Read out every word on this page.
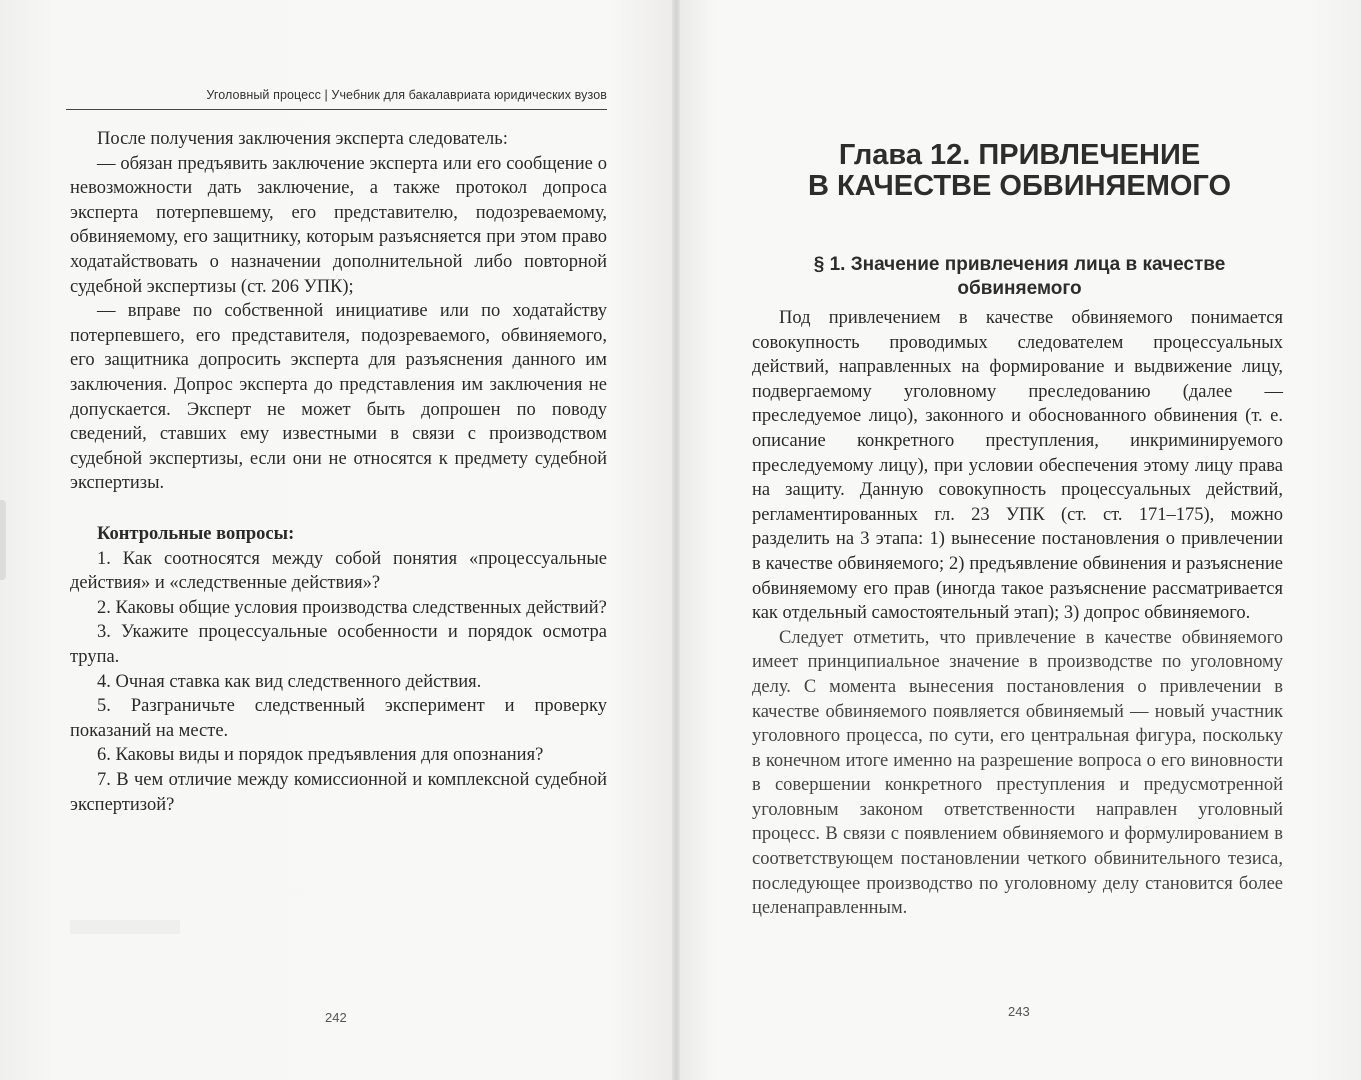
Уголовный процесс | Учебник для бакалавриата юридических вузов

После получения заключения эксперта следователь:

— обязан предъявить заключение эксперта или его сообщение о невозможности дать заключение, а также протокол допроса эксперта потерпевшему, его представителю, подозреваемому, обвиняемому, его защитнику, которым разъясняется при этом право ходатайствовать о назначении дополнительной либо повторной судебной экспертизы (ст. 206 УПК);

— вправе по собственной инициативе или по ходатайству потерпевшего, его представителя, подозреваемого, обвиняемого, его защитника допросить эксперта для разъяснения данного им заключения. Допрос эксперта до представления им заключения не допускается. Эксперт не может быть допрошен по поводу сведений, ставших ему известными в связи с производством судебной экспертизы, если они не относятся к предмету судебной экспертизы.

Контрольные вопросы:

1. Как соотносятся между собой понятия «процессуальные действия» и «следственные действия»?

2. Каковы общие условия производства следственных действий?

3. Укажите процессуальные особенности и порядок осмотра трупа.

4. Очная ставка как вид следственного действия.

5. Разграничьте следственный эксперимент и проверку показаний на месте.

6. Каковы виды и порядок предъявления для опознания?

7. В чем отличие между комиссионной и комплексной судебной экспертизой?

242
Глава 12. ПРИВЛЕЧЕНИЕ
В КАЧЕСТВЕ ОБВИНЯЕМОГО
§ 1. Значение привлечения лица в качестве обвиняемого

Под привлечением в качестве обвиняемого понимается совокупность проводимых следователем процессуальных действий, направленных на формирование и выдвижение лицу, подвергаемому уголовному преследованию (далее — преследуемое лицо), законного и обоснованного обвинения (т. е. описание конкретного преступления, инкриминируемого преследуемому лицу), при условии обеспечения этому лицу права на защиту. Данную совокупность процессуальных действий, регламентированных гл. 23 УПК (ст. ст. 171–175), можно разделить на 3 этапа: 1) вынесение постановления о привлечении в качестве обвиняемого; 2) предъявление обвинения и разъяснение обвиняемому его прав (иногда такое разъяснение рассматривается как отдельный самостоятельный этап); 3) допрос обвиняемого.

Следует отметить, что привлечение в качестве обвиняемого имеет принципиальное значение в производстве по уголовному делу. С момента вынесения постановления о привлечении в качестве обвиняемого появляется обвиняемый — новый участник уголовного процесса, по сути, его центральная фигура, поскольку в конечном итоге именно на разрешение вопроса о его виновности в совершении конкретного преступления и предусмотренной уголовным законом ответственности направлен уголовный процесс. В связи с появлением обвиняемого и формулированием в соответствующем постановлении четкого обвинительного тезиса, последующее производство по уголовному делу становится более целенаправленным.

243
